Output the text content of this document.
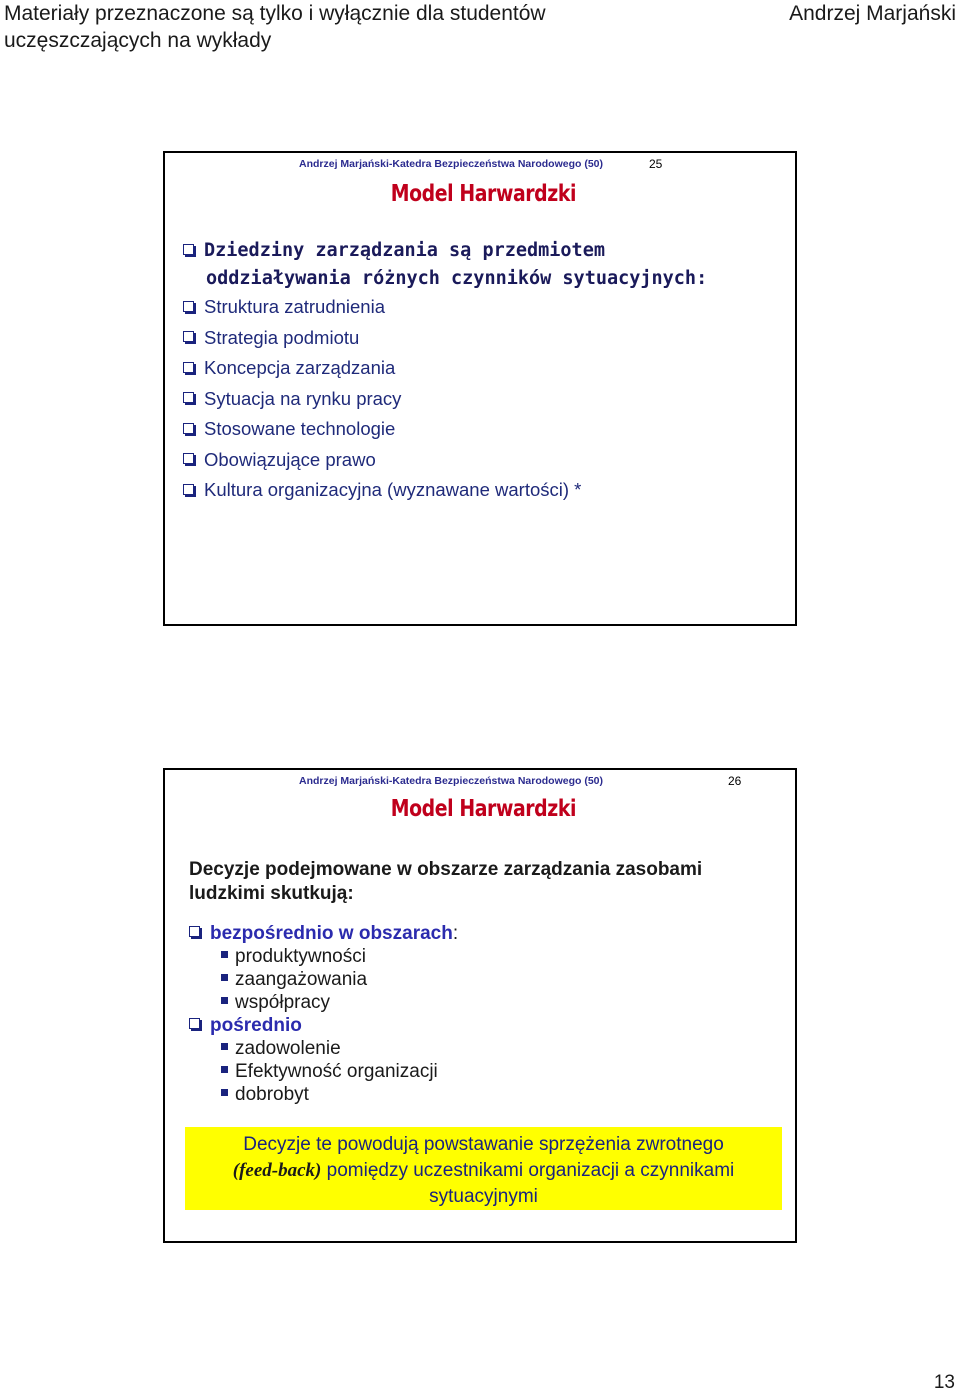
Materiały przeznaczone są tylko i wyłącznie dla studentów
uczęszczających na wykłady
Andrzej Marjański
Andrzej Marjański-Katedra Bezpieczeństwa Narodowego (50)	25
Model Harwardzki
Dziedziny zarządzania są przedmiotem
oddziaływania różnych czynników sytuacyjnych:
Struktura zatrudnienia
Strategia podmiotu
Koncepcja zarządzania
Sytuacja na rynku pracy
Stosowane technologie
Obowiązujące prawo
Kultura organizacyjna (wyznawane wartości) *
Andrzej Marjański-Katedra Bezpieczeństwa Narodowego (50)	26
Model Harwardzki
Decyzje podejmowane w obszarze zarządzania zasobami ludzkimi skutkują:
bezpośrednio w obszarach:
produktywności
zaangażowania
współpracy
pośrednio
zadowolenie
Efektywność organizacji
dobrobyt
Decyzje te powodują powstawanie sprzężenia zwrotnego
(feed-back) pomiędzy uczestnikami organizacji a czynnikami sytuacyjnymi
13
